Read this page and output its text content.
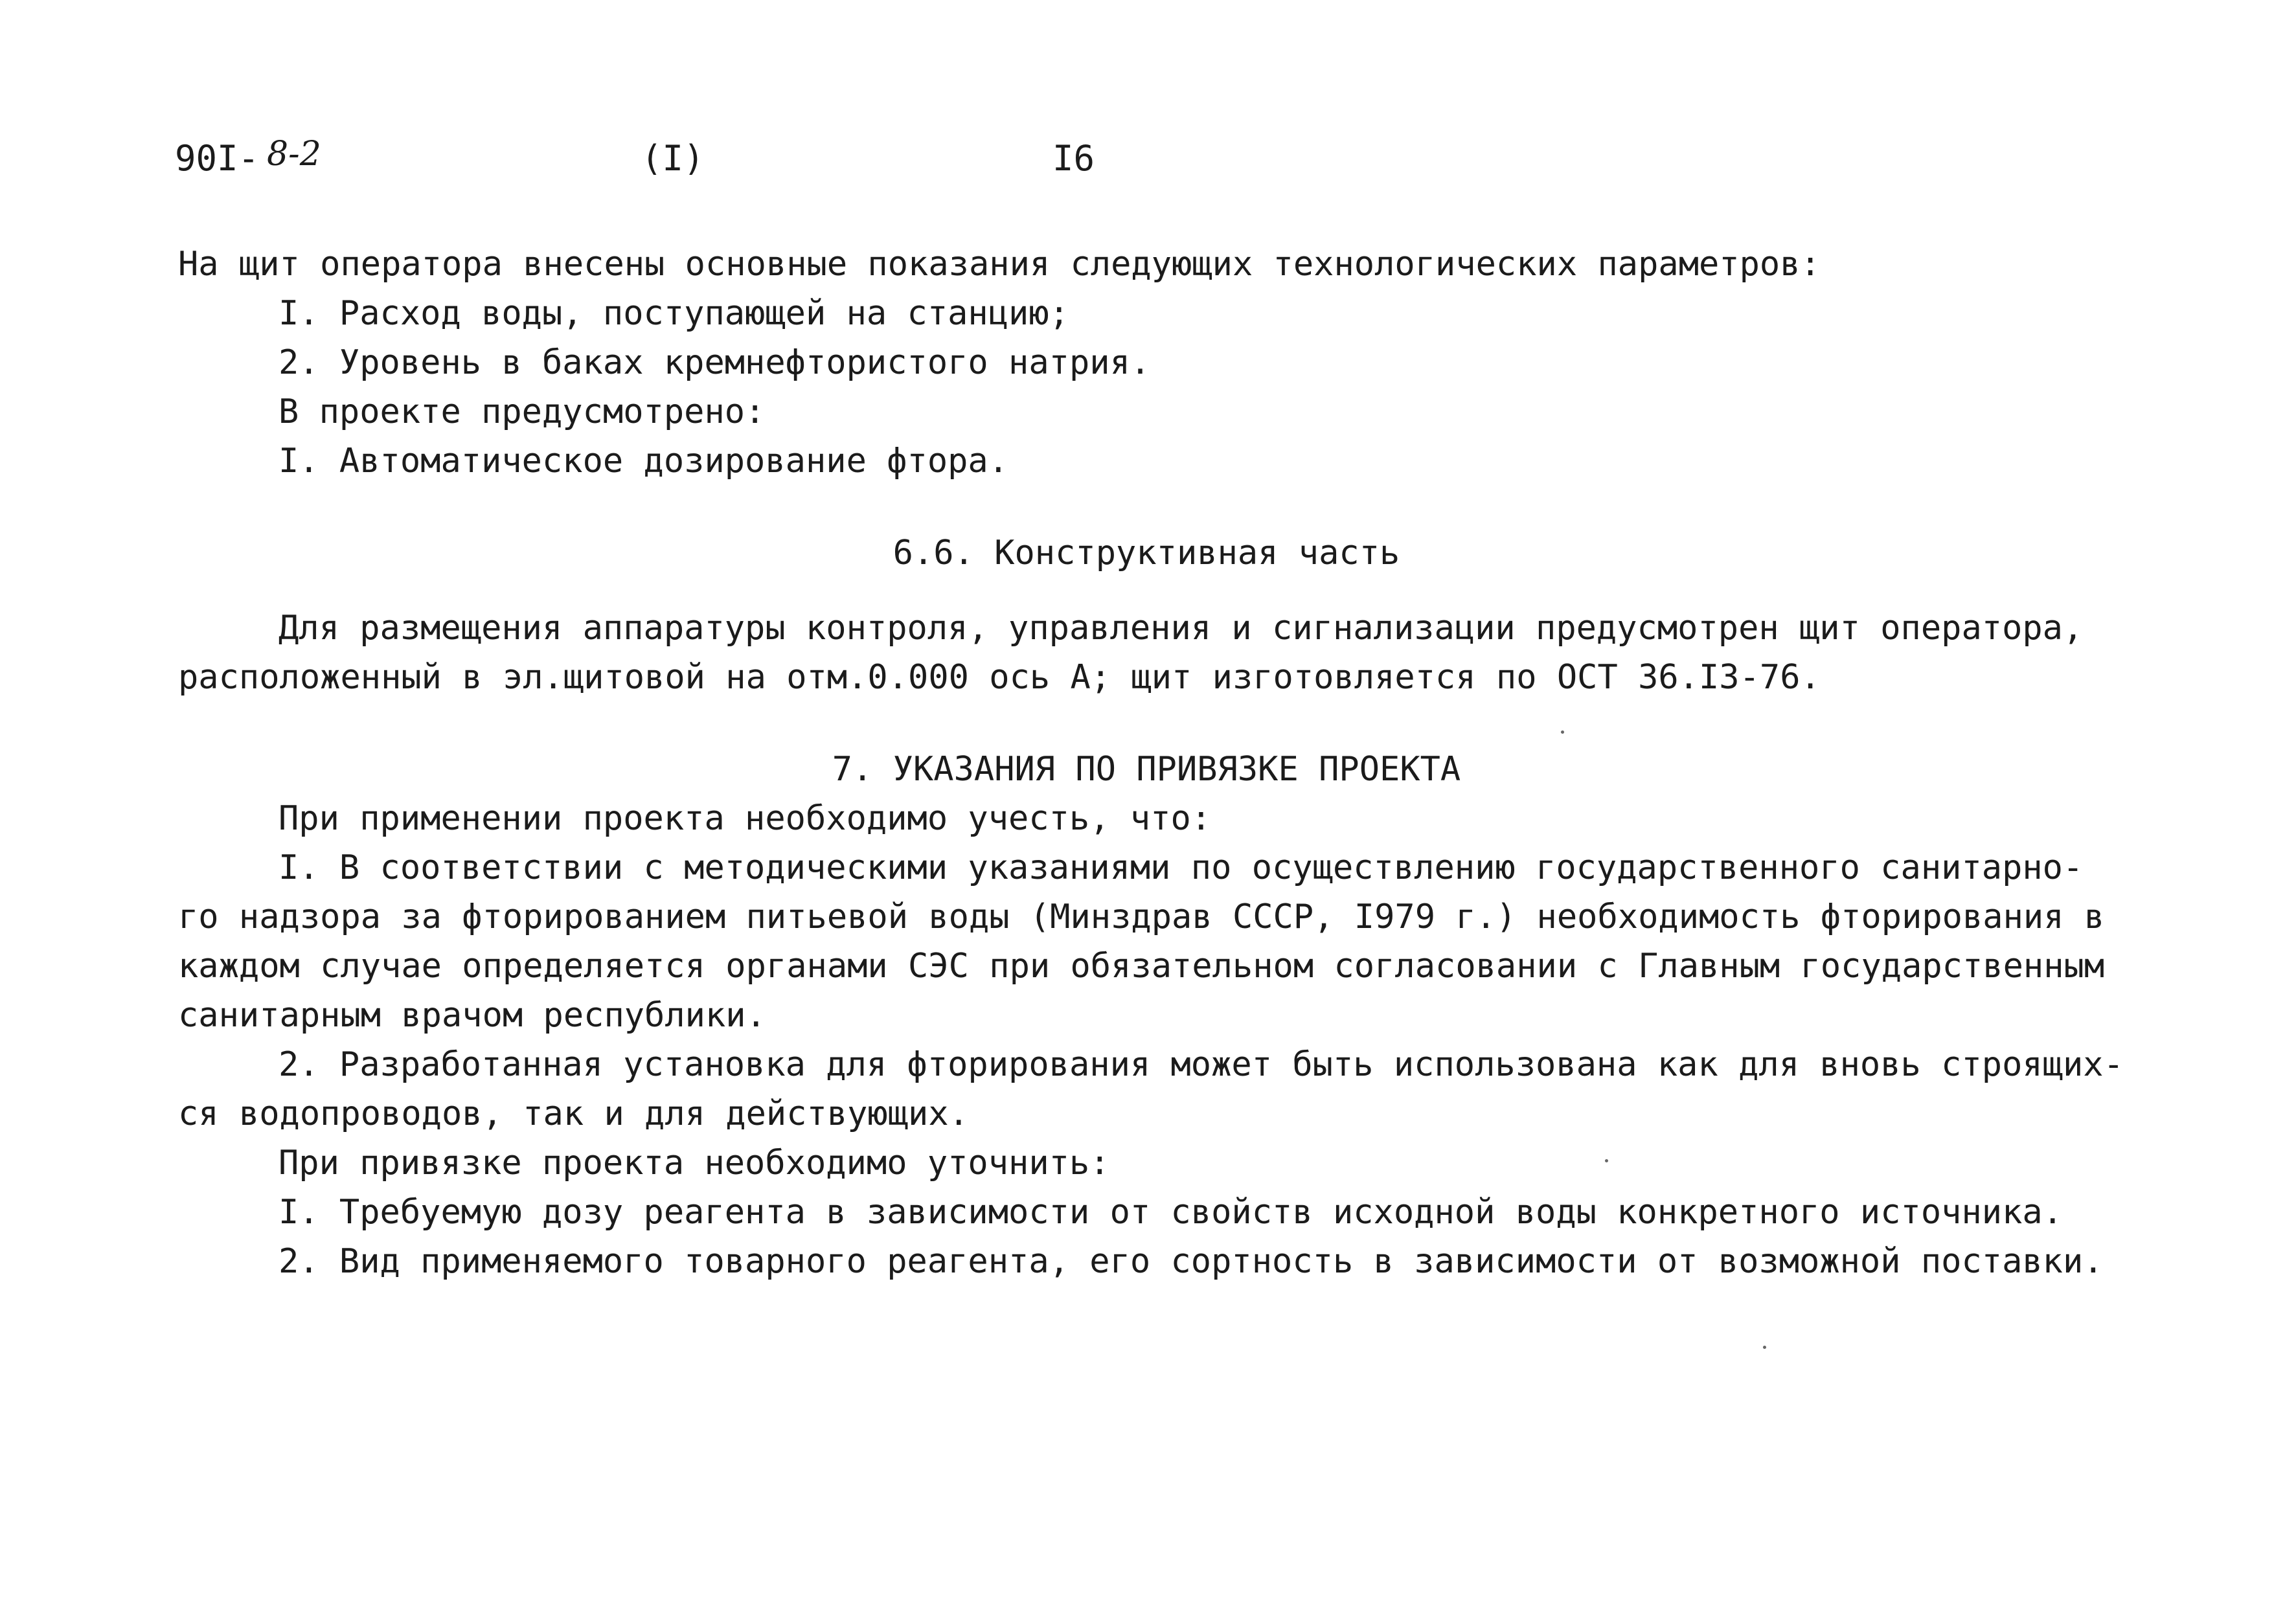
90I- 8-2	(I)	I6
На щит оператора внесены основные показания следующих технологических параметров:
I. Расход воды, поступающей на станцию;
2. Уровень в баках кремнефтористого натрия.
В проекте предусмотрено:
I. Автоматическое дозирование фтора.
6.6. Конструктивная часть
Для размещения аппаратуры контроля, управления и сигнализации предусмотрен щит оператора,
расположенный в эл.щитовой на отм.0.000 ось А; щит изготовляется по ОСТ 36.I3-76.
7. УКАЗАНИЯ ПО ПРИВЯЗКЕ ПРОЕКТА
При применении проекта необходимо учесть, что:
I. В соответствии с методическими указаниями по осуществлению государственного санитарно-
го надзора за фторированием питьевой воды (Минздрав СССР, I979 г.) необходимость фторирования в
каждом случае определяется органами СЭС при обязательном согласовании с Главным государственным
санитарным врачом республики.
2. Разработанная установка для фторирования может быть использована как для вновь строящих-
ся водопроводов, так и для действующих.
При привязке проекта необходимо уточнить:
I. Требуемую дозу реагента в зависимости от свойств исходной воды конкретного источника.
2. Вид применяемого товарного реагента, его сортность в зависимости от возможной поставки.
